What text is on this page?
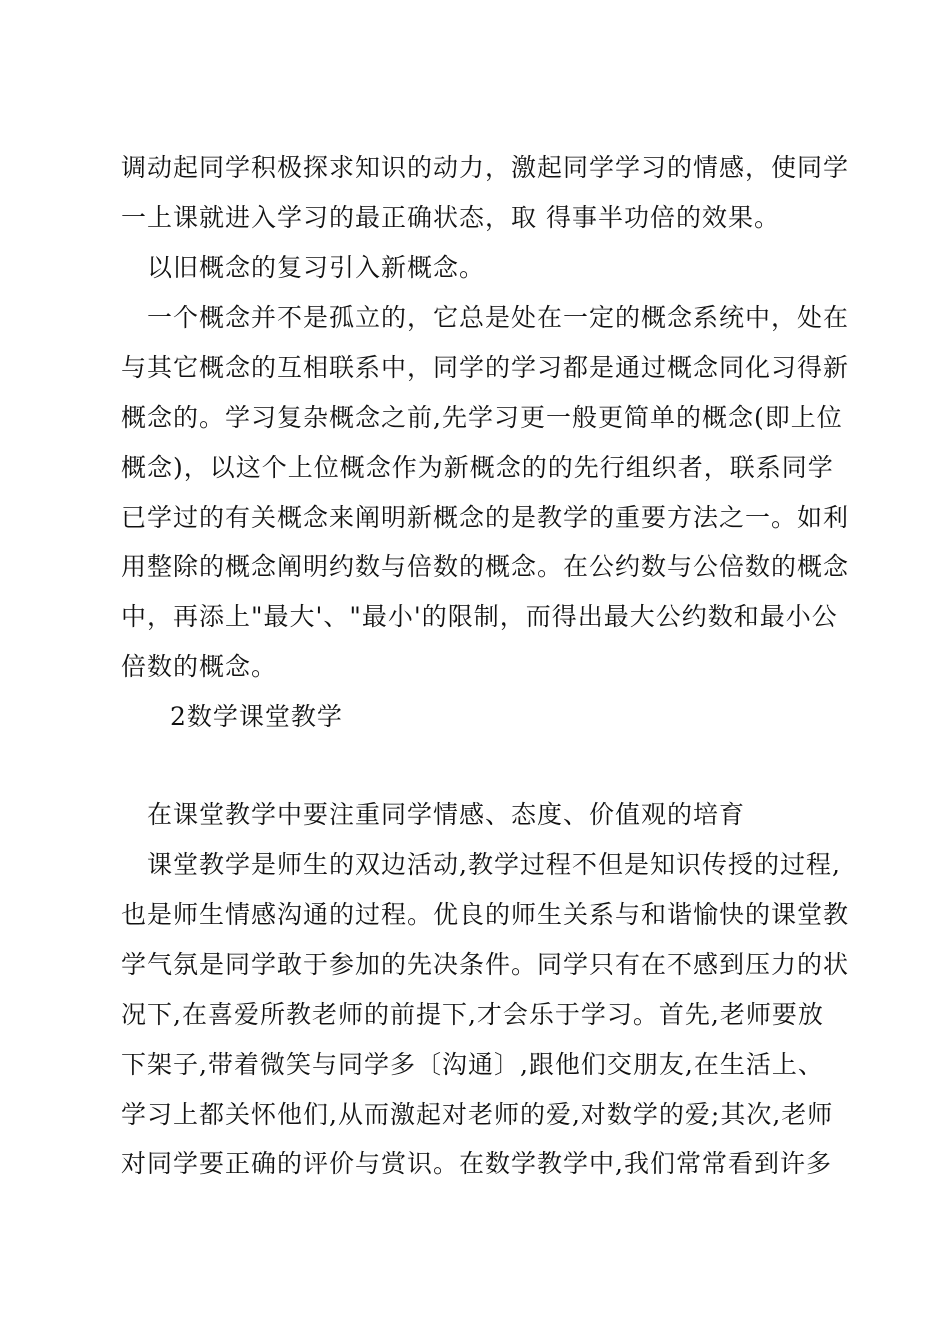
调动起同学积极探求知识的动力，激起同学学习的情感，使同学
一上课就进入学习的最正确状态，取 得事半功倍的效果。
以旧概念的复习引入新概念。
一个概念并不是孤立的，它总是处在一定的概念系统中，处在
与其它概念的互相联系中，同学的学习都是通过概念同化习得新
概念的。学习复杂概念之前,先学习更一般更简单的概念(即上位
概念)，以这个上位概念作为新概念的的先行组织者，联系同学
已学过的有关概念来阐明新概念的是教学的重要方法之一。如利
用整除的概念阐明约数与倍数的概念。在公约数与公倍数的概念
中，再添上"最大'、"最小'的限制，而得出最大公约数和最小公
倍数的概念。
2数学课堂教学
在课堂教学中要注重同学情感、态度、价值观的培育
课堂教学是师生的双边活动,教学过程不但是知识传授的过程,
也是师生情感沟通的过程。优良的师生关系与和谐愉快的课堂教
学气氛是同学敢于参加的先决条件。同学只有在不感到压力的状
况下,在喜爱所教老师的前提下,才会乐于学习。首先,老师要放
下架子,带着微笑与同学多〔沟通〕,跟他们交朋友,在生活上、
学习上都关怀他们,从而激起对老师的爱,对数学的爱;其次,老师
对同学要正确的评价与赏识。在数学教学中,我们常常看到许多
